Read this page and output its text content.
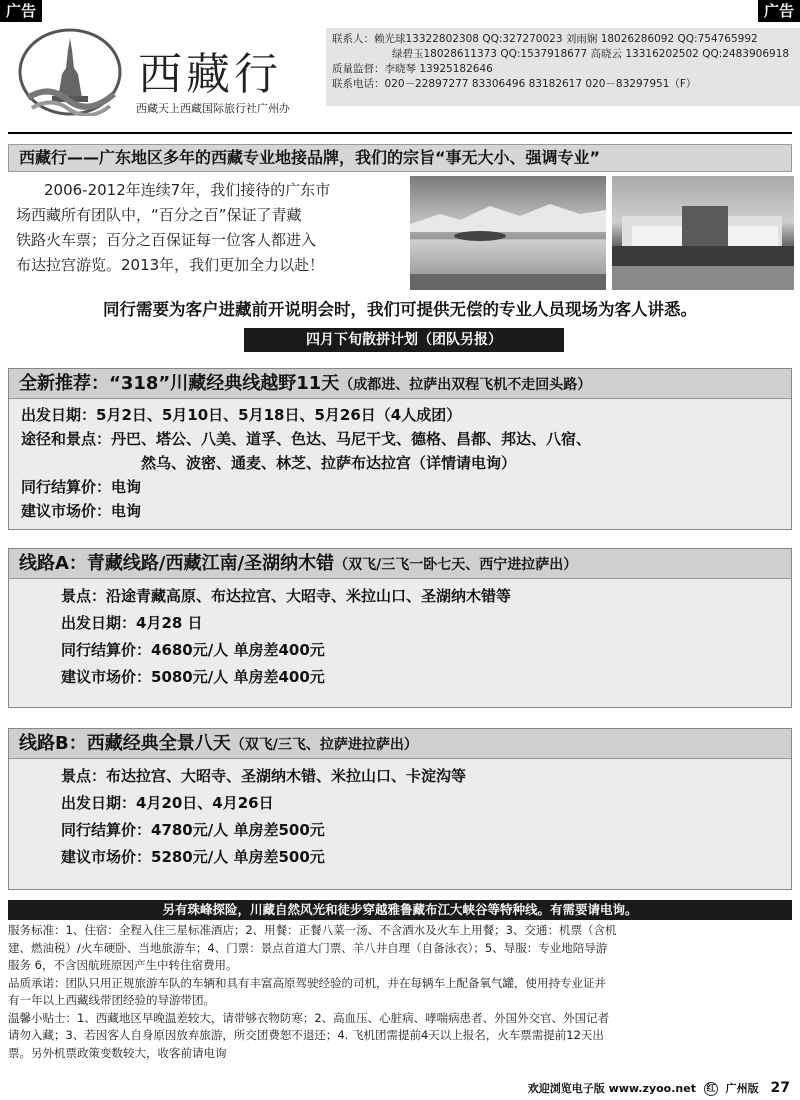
广告	广告
西藏行
西藏天上西藏国际旅行社广州办
联系人：赖光球13322802308 QQ:327270023 刘雨娴 18026286092 QQ:754765992
绿碧玉18028611373 QQ:1537918677 高晓云 13316202502 QQ:2483906918
质量监督：李晓琴 13925182646
联系电话：020－22897277 83306496 83182617 020－83297951（F）
西藏行——广东地区多年的西藏专业地接品牌，我们的宗旨“事无大小、强调专业”
2006-2012年连续7年，我们接待的广东市
场西藏所有团队中，“百分之百”保证了青藏
铁路火车票；百分之百保证每一位客人都进入
布达拉宫游览。2013年，我们更加全力以赴！
同行需要为客户进藏前开说明会时，我们可提供无偿的专业人员现场为客人讲悉。
四月下旬散拼计划（团队另报）
全新推荐：“318”川藏经典线越野11天（成都进、拉萨出双程飞机不走回头路）
出发日期：5月2日、5月10日、5月18日、5月26日（4人成团）
途径和景点：丹巴、塔公、八美、道孚、色达、马尼干戈、德格、昌都、邦达、八宿、
然乌、波密、通麦、林芝、拉萨布达拉宫（详情请电询）
同行结算价：电询
建议市场价：电询
线路A：青藏线路/西藏江南/圣湖纳木错（双飞/三飞一卧七天、西宁进拉萨出）
景点：沿途青藏高原、布达拉宫、大昭寺、米拉山口、圣湖纳木错等
出发日期：4月28 日
同行结算价：4680元/人 单房差400元
建议市场价：5080元/人 单房差400元
线路B：西藏经典全景八天（双飞/三飞、拉萨进拉萨出）
景点：布达拉宫、大昭寺、圣湖纳木错、米拉山口、卡淀沟等
出发日期：4月20日、4月26日
同行结算价：4780元/人 单房差500元
建议市场价：5280元/人 单房差500元
另有珠峰探险，川藏自然风光和徒步穿越雅鲁藏布江大峡谷等特种线。有需要请电询。
服务标准：1、住宿：全程入住三星标准酒店；2、用餐：正餐八菜一汤、不含酒水及火车上用餐；3、交通：机票（含机
建、燃油税）/火车硬卧、当地旅游车；4、门票：景点首道大门票、羊八井自理（自备泳衣）；5、导服：专业地陪导游
服务 6，不含因航班原因产生中转住宿费用。
品质承诺：团队只用正规旅游车队的车辆和具有丰富高原驾驶经验的司机，并在每辆车上配备氧气罐，使用持专业证并
有一年以上西藏线带团经验的导游带团。
温馨小贴士：1、西藏地区早晚温差较大，请带够衣物防寒；2、高血压、心脏病、哮喘病患者、外国外交官、外国记者
请勿入藏；3、若因客人自身原因放弃旅游，所交团费恕不退还；4. 飞机团需提前4天以上报名，火车票需提前12天出
票。另外机票政策变数较大，收客前请电询
欢迎浏览电子版 www.zyoo.net 红 广州版 27
